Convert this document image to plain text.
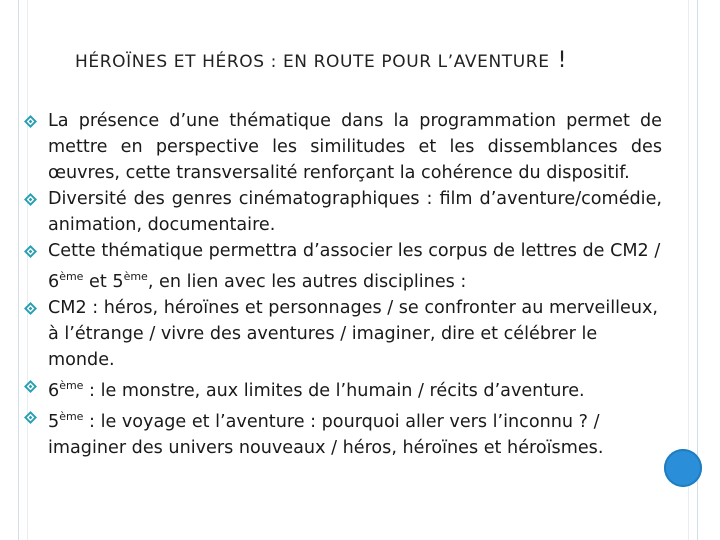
HÉROÏNES ET HÉROS : EN ROUTE POUR L’AVENTURE !
La présence d’une thématique dans la programmation permet de mettre en perspective les similitudes et les dissemblances des œuvres, cette transversalité renforçant la cohérence du dispositif.
Diversité des genres cinématographiques : film d’aventure/comédie, animation, documentaire.
Cette thématique permettra d’associer les corpus de lettres de CM2 / 6ème et 5ème, en lien avec les autres disciplines :
CM2 : héros, héroïnes et personnages / se confronter au merveilleux, à l’étrange / vivre des aventures / imaginer, dire et célébrer le monde.
6ème : le monstre, aux limites de l’humain / récits d’aventure.
5ème : le voyage et l’aventure : pourquoi aller vers l’inconnu ? / imaginer des univers nouveaux / héros, héroïnes et héroïsmes.
